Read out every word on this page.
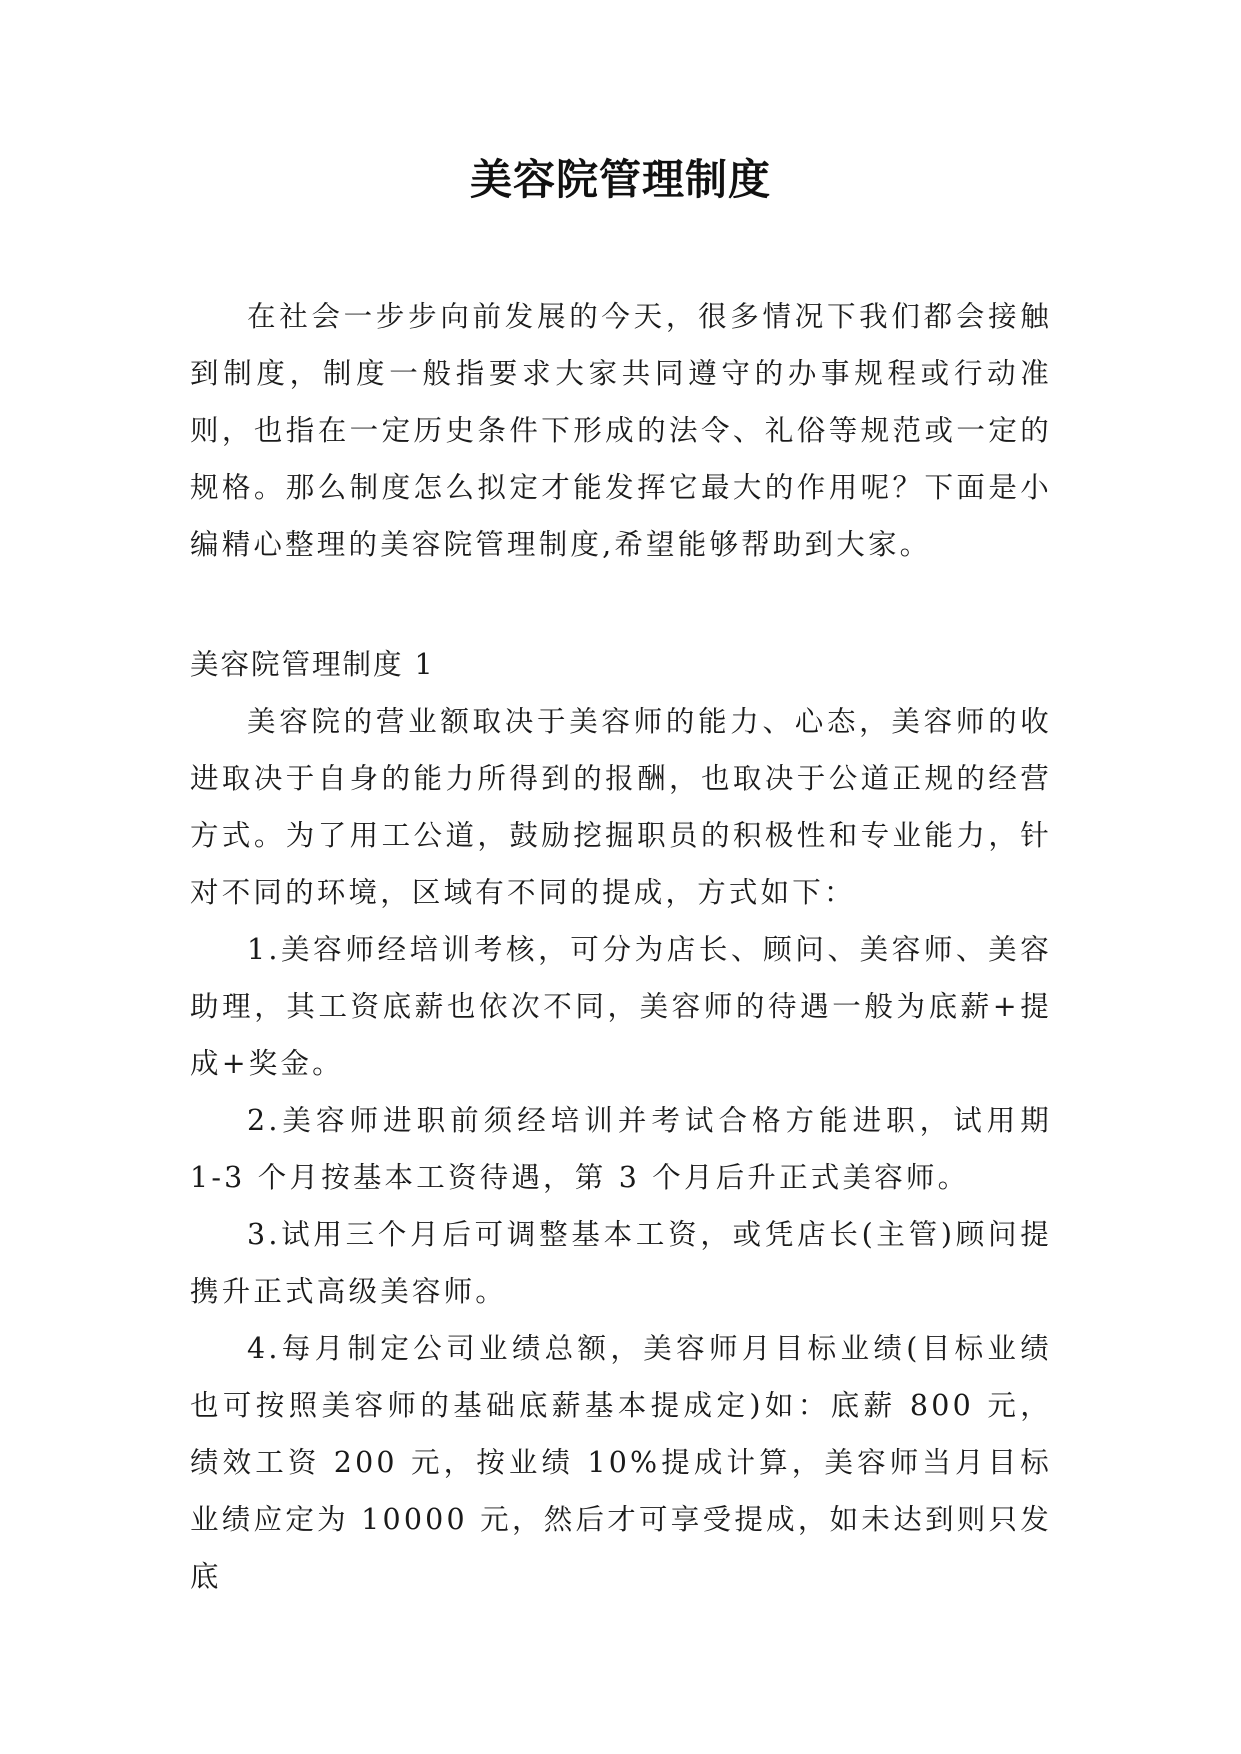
美容院管理制度

在社会一步步向前发展的今天，很多情况下我们都会接触到制度，制度一般指要求大家共同遵守的办事规程或行动准则，也指在一定历史条件下形成的法令、礼俗等规范或一定的规格。那么制度怎么拟定才能发挥它最大的作用呢？下面是小编精心整理的美容院管理制度,希望能够帮助到大家。

美容院管理制度 1

美容院的营业额取决于美容师的能力、心态，美容师的收进取决于自身的能力所得到的报酬，也取决于公道正规的经营方式。为了用工公道，鼓励挖掘职员的积极性和专业能力，针对不同的环境，区域有不同的提成，方式如下：

1.美容师经培训考核，可分为店长、顾问、美容师、美容助理，其工资底薪也依次不同，美容师的待遇一般为底薪+提成+奖金。

2.美容师进职前须经培训并考试合格方能进职，试用期 1-3 个月按基本工资待遇，第 3 个月后升正式美容师。

3.试用三个月后可调整基本工资，或凭店长(主管)顾问提携升正式高级美容师。

4.每月制定公司业绩总额，美容师月目标业绩(目标业绩也可按照美容师的基础底薪基本提成定)如：底薪 800 元，绩效工资 200 元，按业绩 10%提成计算，美容师当月目标业绩应定为 10000 元，然后才可享受提成，如未达到则只发底
